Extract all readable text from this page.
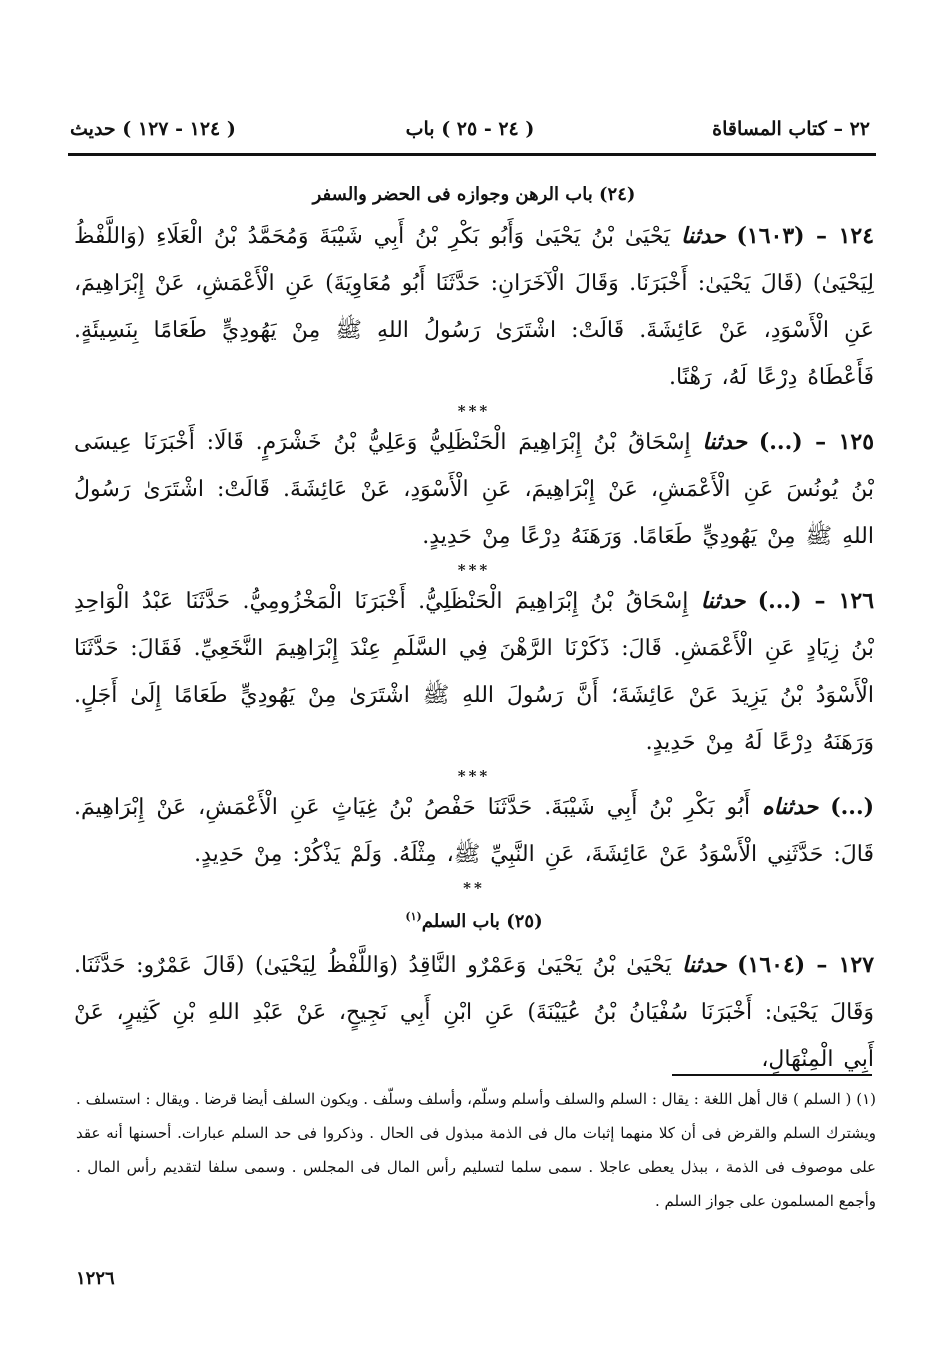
٢٢ – كتاب المساقاة
( ٢٤ - ٢٥ ) باب
( ١٢٤ - ١٢٧ ) حديث
(٢٤) باب الرهن وجوازه فى الحضر والسفر

١٢٤ – (١٦٠٣) حدثنا يَحْيَىٰ بْنُ يَحْيَىٰ وَأَبُو بَكْرِ بْنُ أَبِي شَيْبَةَ وَمُحَمَّدُ بْنُ الْعَلَاءِ (وَاللَّفْظُ لِيَحْيَىٰ) (قَالَ يَحْيَىٰ: أَخْبَرَنَا. وَقَالَ الْآخَرَانِ: حَدَّثَنَا أَبُو مُعَاوِيَةَ) عَنِ الْأَعْمَشِ، عَنْ إِبْرَاهِيمَ، عَنِ الْأَسْوَدِ، عَنْ عَائِشَةَ. قَالَتْ: اشْتَرَىٰ رَسُولُ اللهِ ﷺ مِنْ يَهُودِيٍّ طَعَامًا بِنَسِيئَةٍ. فَأَعْطَاهُ دِرْعًا لَهُ، رَهْنًا.

***

١٢٥ – (...) حدثنا إِسْحَاقُ بْنُ إِبْرَاهِيمَ الْحَنْظَلِيُّ وَعَلِيُّ بْنُ خَشْرَمٍ. قَالَا: أَخْبَرَنَا عِيسَى بْنُ يُونُسَ عَنِ الْأَعْمَشِ، عَنْ إِبْرَاهِيمَ، عَنِ الْأَسْوَدِ، عَنْ عَائِشَةَ. قَالَتْ: اشْتَرَىٰ رَسُولُ اللهِ ﷺ مِنْ يَهُودِيٍّ طَعَامًا. وَرَهَنَهُ دِرْعًا مِنْ حَدِيدٍ.

***

١٢٦ – (...) حدثنا إِسْحَاقُ بْنُ إِبْرَاهِيمَ الْحَنْظَلِيُّ. أَخْبَرَنَا الْمَخْزُومِيُّ. حَدَّثَنَا عَبْدُ الْوَاحِدِ بْنُ زِيَادٍ عَنِ الْأَعْمَشِ. قَالَ: ذَكَرْنَا الرَّهْنَ فِي السَّلَمِ عِنْدَ إِبْرَاهِيمَ النَّخَعِيِّ. فَقَالَ: حَدَّثَنَا الْأَسْوَدُ بْنُ يَزِيدَ عَنْ عَائِشَةَ؛ أَنَّ رَسُولَ اللهِ ﷺ اشْتَرَىٰ مِنْ يَهُودِيٍّ طَعَامًا إِلَىٰ أَجَلٍ. وَرَهَنَهُ دِرْعًا لَهُ مِنْ حَدِيدٍ.

***

(...) حدثناه أَبُو بَكْرِ بْنُ أَبِي شَيْبَةَ. حَدَّثَنَا حَفْصُ بْنُ غِيَاثٍ عَنِ الْأَعْمَشِ، عَنْ إِبْرَاهِيمَ. قَالَ: حَدَّثَنِي الْأَسْوَدُ عَنْ عَائِشَةَ، عَنِ النَّبِيِّ ﷺ، مِثْلَهُ. وَلَمْ يَذْكُرْ: مِنْ حَدِيدٍ.

**
(٢٥) باب السلم$^{(١)}$

١٢٧ – (١٦٠٤) حدثنا يَحْيَىٰ بْنُ يَحْيَىٰ وَعَمْرٌو النَّاقِدُ (وَاللَّفْظُ لِيَحْيَىٰ) (قَالَ عَمْرٌو: حَدَّثَنَا. وَقَالَ يَحْيَىٰ: أَخْبَرَنَا سُفْيَانُ بْنُ عُيَيْنَةَ) عَنِ ابْنِ أَبِي نَجِيحٍ، عَنْ عَبْدِ اللهِ بْنِ كَثِيرٍ، عَنْ أَبِي الْمِنْهَالِ،

(١) ( السلم ) قال أهل اللغة : يقال : السلم والسلف وأسلم وسلّم، وأسلف وسلّف . ويكون السلف أيضا قرضا . ويقال : استسلف . ويشترك السلم والقرض فى أن كلا منهما إثبات مال فى الذمة مبذول فى الحال . وذكروا فى حد السلم عبارات. أحسنها أنه عقد على موصوف فى الذمة ، ببذل يعطى عاجلا . سمى سلما لتسليم رأس المال فى المجلس . وسمى سلفا لتقديم رأس المال . وأجمع المسلمون على جواز السلم .
١٢٢٦
